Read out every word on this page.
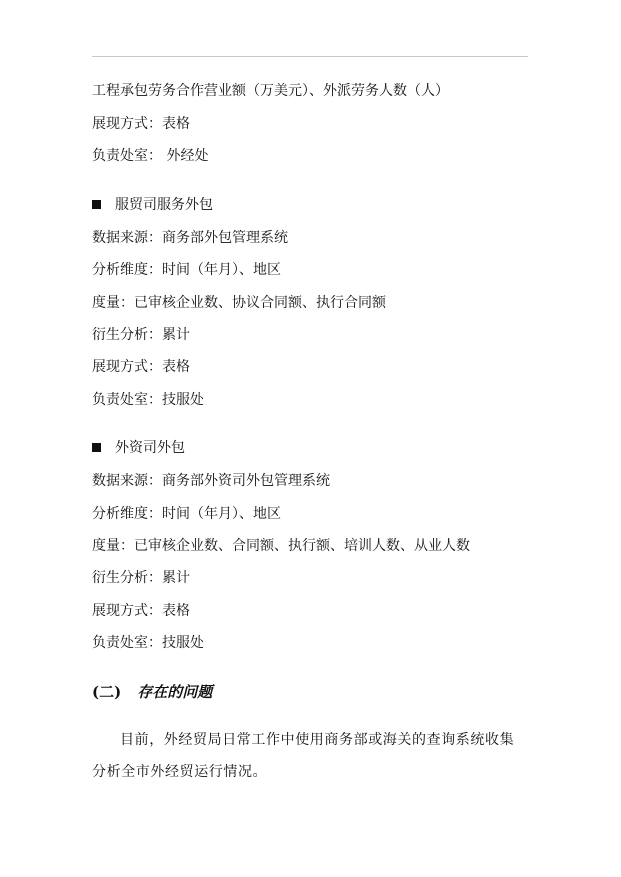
工程承包劳务合作营业额（万美元）、外派劳务人数（人）
展现方式：表格
负责处室： 外经处
服贸司服务外包
数据来源：商务部外包管理系统
分析维度：时间（年月）、地区
度量：已审核企业数、协议合同额、执行合同额
衍生分析：累计
展现方式：表格
负责处室：技服处
外资司外包
数据来源：商务部外资司外包管理系统
分析维度：时间（年月）、地区
度量：已审核企业数、合同额、执行额、培训人数、从业人数
衍生分析：累计
展现方式：表格
负责处室：技服处
(二) 存在的问题
目前，外经贸局日常工作中使用商务部或海关的查询系统收集分析全市外经贸运行情况。
